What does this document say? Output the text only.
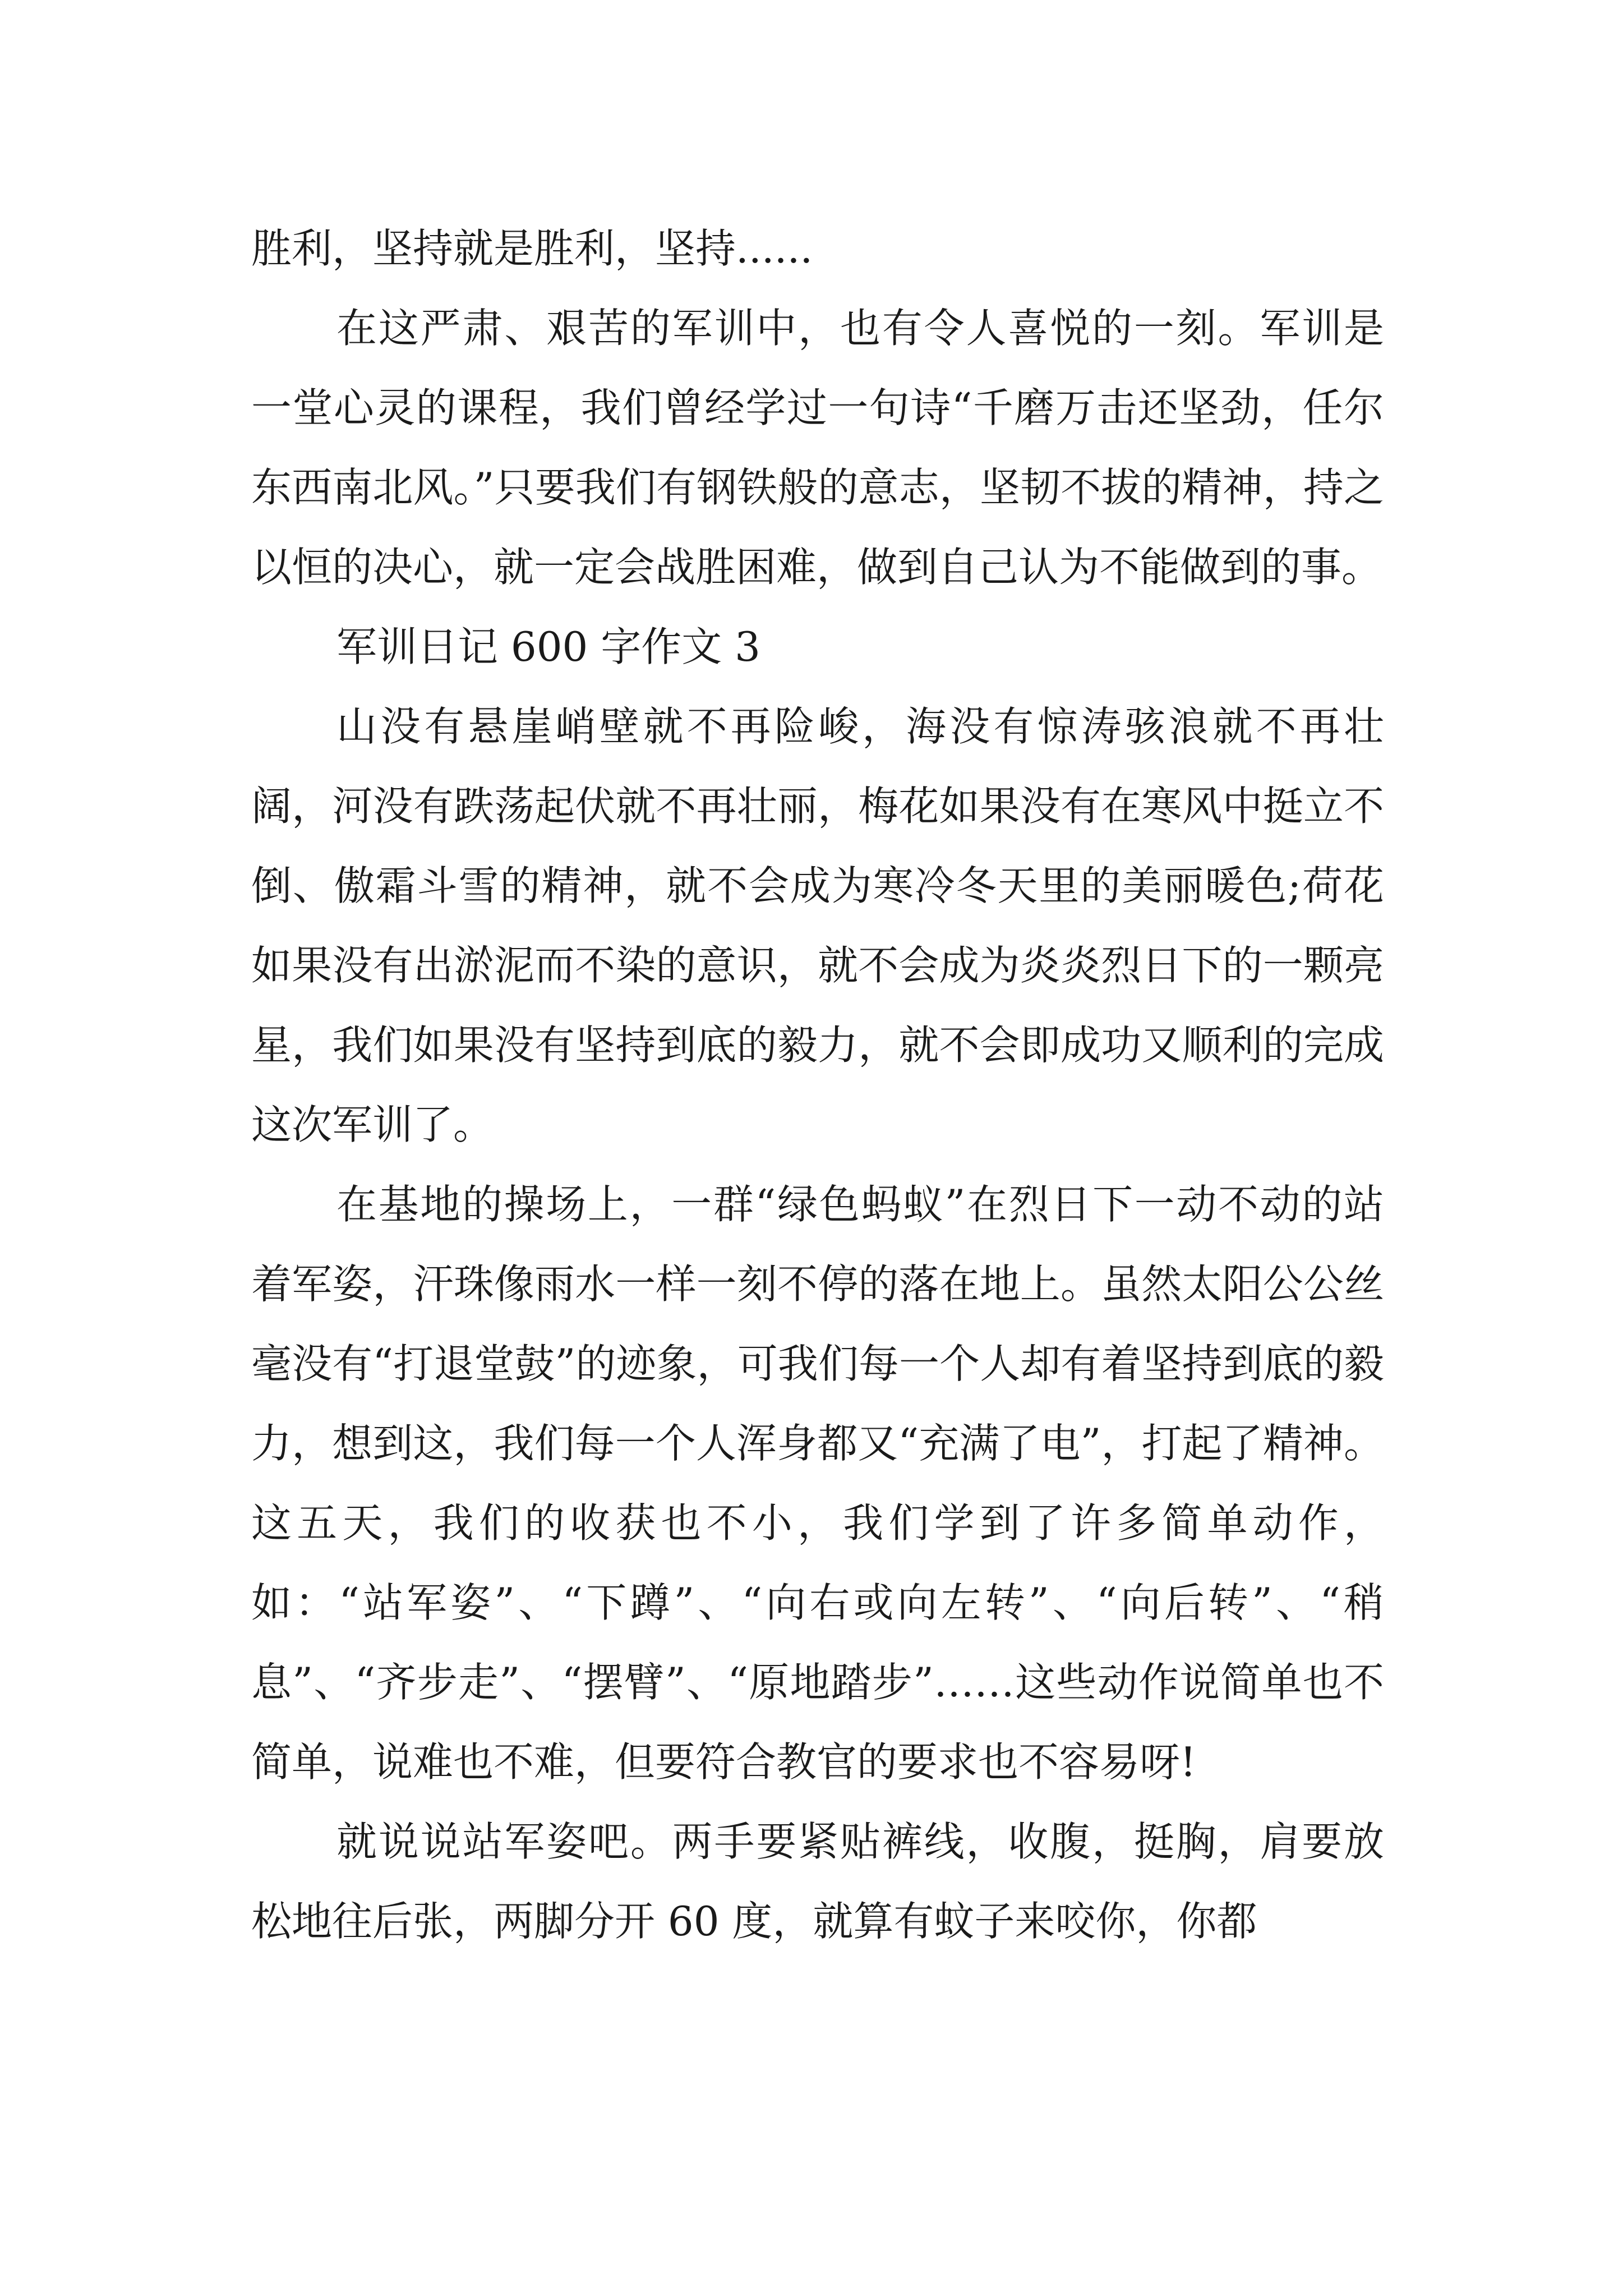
胜利，坚持就是胜利，坚持......

在这严肃、艰苦的军训中，也有令人喜悦的一刻。军训是一堂心灵的课程，我们曾经学过一句诗“千磨万击还坚劲，任尔东西南北风。”只要我们有钢铁般的意志，坚韧不拔的精神，持之以恒的决心，就一定会战胜困难，做到自己认为不能做到的事。

军训日记 600 字作文 3

山没有悬崖峭壁就不再险峻，海没有惊涛骇浪就不再壮阔，河没有跌荡起伏就不再壮丽，梅花如果没有在寒风中挺立不倒、傲霜斗雪的精神，就不会成为寒冷冬天里的美丽暖色;荷花如果没有出淤泥而不染的意识，就不会成为炎炎烈日下的一颗亮星，我们如果没有坚持到底的毅力，就不会即成功又顺利的完成这次军训了。

在基地的操场上，一群“绿色蚂蚁”在烈日下一动不动的站着军姿，汗珠像雨水一样一刻不停的落在地上。虽然太阳公公丝毫没有“打退堂鼓”的迹象，可我们每一个人却有着坚持到底的毅力，想到这，我们每一个人浑身都又“充满了电”，打起了精神。这五天，我们的收获也不小，我们学到了许多简单动作，如：“站军姿”、“下蹲”、“向右或向左转”、“向后转”、“稍息”、“齐步走”、“摆臂”、“原地踏步”……这些动作说简单也不简单，说难也不难，但要符合教官的要求也不容易呀!

就说说站军姿吧。两手要紧贴裤线，收腹，挺胸，肩要放松地往后张，两脚分开 60 度，就算有蚊子来咬你，你都
